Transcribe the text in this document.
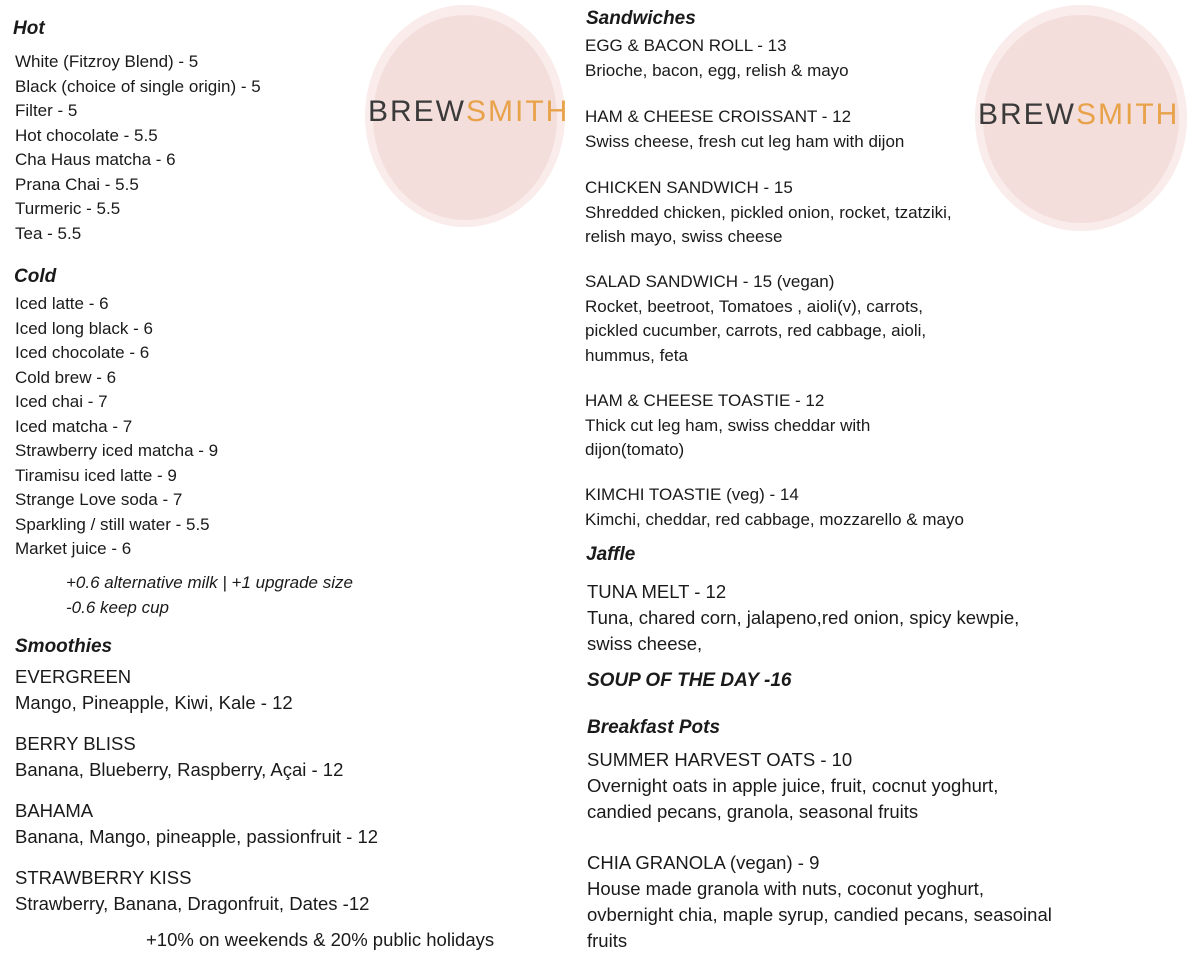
BREWSMITH	BREWSMITH
Hot
White (Fitzroy Blend) - 5
Black (choice of single origin) - 5
Filter - 5
Hot chocolate - 5.5
Cha Haus matcha - 6
Prana Chai - 5.5
Turmeric - 5.5
Tea - 5.5
Cold
Iced latte - 6
Iced long black - 6
Iced chocolate - 6
Cold brew - 6
Iced chai - 7
Iced matcha - 7
Strawberry iced matcha - 9
Tiramisu iced latte - 9
Strange Love soda - 7
Sparkling / still water - 5.5
Market juice - 6
+0.6 alternative milk | +1 upgrade size
-0.6 keep cup
Smoothies
EVERGREEN
Mango, Pineapple, Kiwi, Kale - 12
BERRY BLISS
Banana, Blueberry, Raspberry, Açai - 12
BAHAMA
Banana, Mango, pineapple, passionfruit - 12
STRAWBERRY KISS
Strawberry, Banana, Dragonfruit, Dates -12
+10% on weekends & 20% public holidays
Sandwiches
EGG & BACON ROLL - 13
Brioche, bacon, egg, relish & mayo
HAM & CHEESE CROISSANT - 12
Swiss cheese, fresh cut leg ham with dijon
CHICKEN SANDWICH - 15
Shredded chicken, pickled onion, rocket, tzatziki,
relish mayo, swiss cheese
SALAD SANDWICH - 15 (vegan)
Rocket, beetroot, Tomatoes , aioli(v), carrots,
pickled cucumber, carrots, red cabbage, aioli,
hummus, feta
HAM & CHEESE TOASTIE - 12
Thick cut leg ham, swiss cheddar with
dijon(tomato)
KIMCHI TOASTIE (veg) - 14
Kimchi, cheddar, red cabbage, mozzarello & mayo
Jaffle
TUNA MELT - 12
Tuna, chared corn, jalapeno,red onion, spicy kewpie,
swiss cheese,
SOUP OF THE DAY -16
Breakfast Pots
SUMMER HARVEST OATS - 10
Overnight oats in apple juice, fruit, cocnut yoghurt,
candied pecans, granola, seasonal fruits
CHIA GRANOLA (vegan) - 9
House made granola with nuts, coconut yoghurt,
ovbernight chia, maple syrup, candied pecans, seasoinal
fruits
